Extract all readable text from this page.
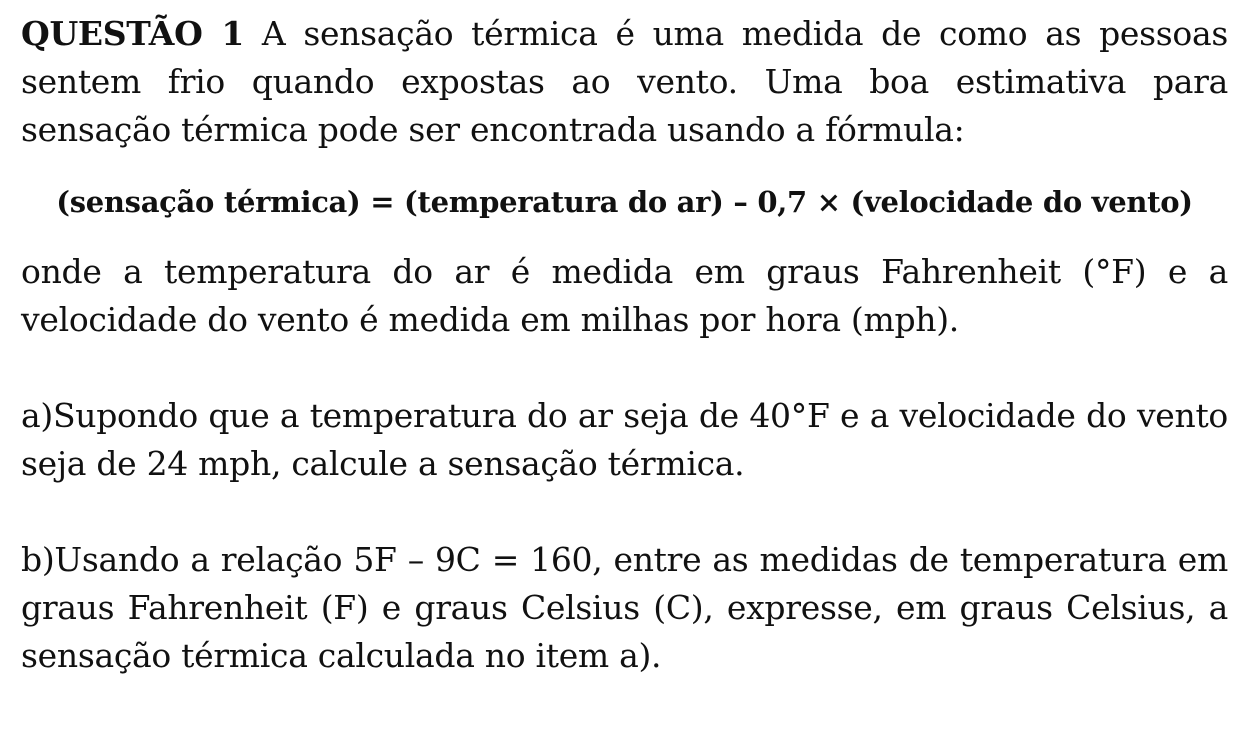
QUESTÃO 1 A sensação térmica é uma medida de como as pessoas sentem frio quando expostas ao vento. Uma boa estimativa para sensação térmica pode ser encontrada usando a fórmula:

(sensação térmica) = (temperatura do ar) – 0,7 × (velocidade do vento)

onde a temperatura do ar é medida em graus Fahrenheit (°F) e a velocidade do vento é medida em milhas por hora (mph).

a)Supondo que a temperatura do ar seja de 40°F e a velocidade do vento seja de 24 mph, calcule a sensação térmica.

b)Usando a relação 5F – 9C = 160, entre as medidas de temperatura em graus Fahrenheit (F) e graus Celsius (C), expresse, em graus Celsius, a sensação térmica calculada no item a).
